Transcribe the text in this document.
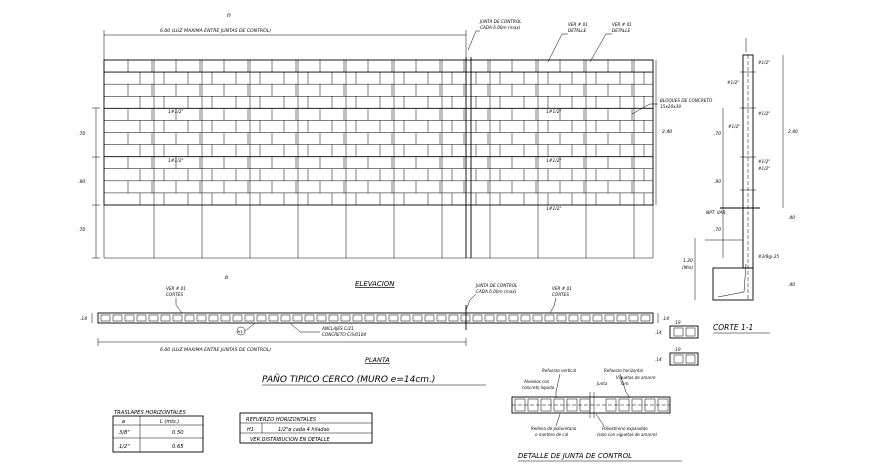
n
6.00 (LUZ MAXIMA ENTRE JUNTAS DE CONTROL)
1#1/2"	1#1/2"
1#1/2"	1#1/2"
1#1/2"
JUNTA DE CONTROL
CADA 6.00m (max)
VER # 01
DETALLE
VER # 01
DETALLE
BLOQUES DE CONCRETO
15x20x39
.70
.80
.70
2.40
b
ELEVACION
.14	.14
VER # 01
CORTES
JUNTA DE CONTROL
CADA 6.00m (max)
VER # 01
CORTES
ANCLAJES C/21
CONCRETO C/S/0104
H1
6.00 (LUZ MAXIMA ENTRE JUNTAS DE CONTROL)
PLANTA
PAÑO TIPICO CERCO (MURO e=14cm.)
TRASLAPES HORIZONTALES
ø	L (mts.)
3/8"	0.50
1/2"	0.65
REFUERZO HORIZONTALES
H1	1/2"ø cada 4 hiladas
VER DISTRIBUCION EN DETALLE
.14
.19
.14
.19
Refuerzo vertical	Refuerzo horizontal
Alveolos con
concreto líquido
Viguetas de amarre
Junta	Tam.
Relleno de poliuretano
o mortero de cal
Poliestireno expandido
(solo con viguetas de amarre)
DETALLE DE JUNTA DE CONTROL
#1/2"
#1/2"
#1/2"
#1/2"
#1/2"
#1/2"
#3/8@.25
.70
.80
.70
2.40
.40
1.20
(Min)
.40
NPT. VAR.
CORTE 1-1
